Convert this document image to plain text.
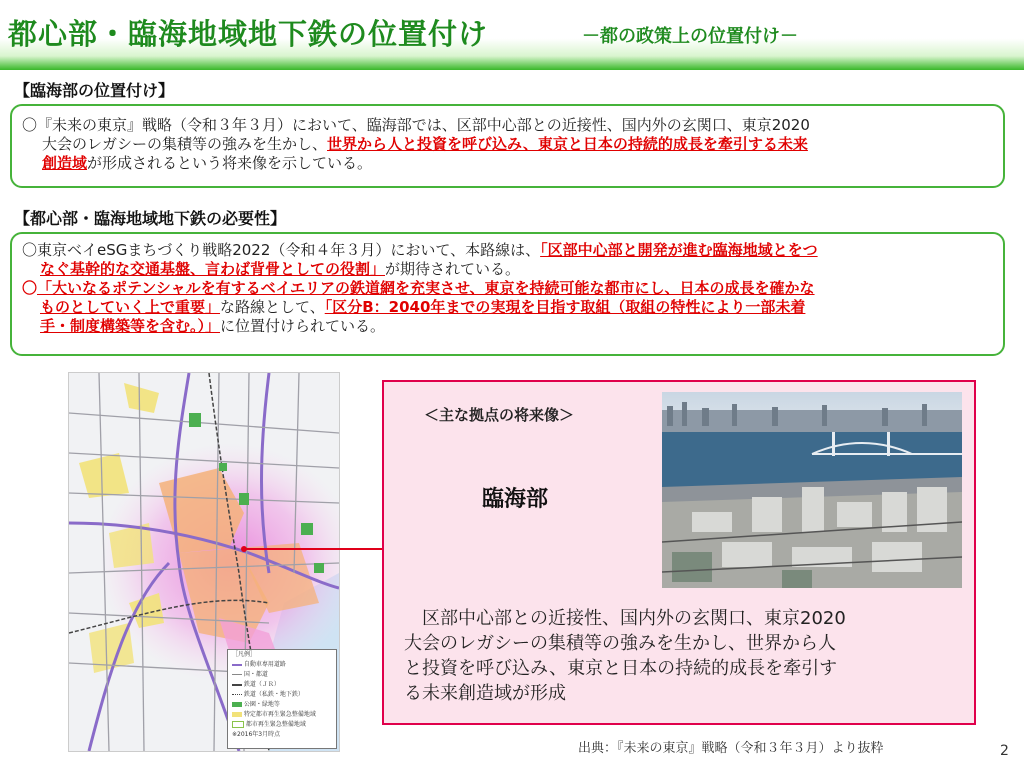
都心部・臨海地域地下鉄の位置付け	－都の政策上の位置付け－
【臨海部の位置付け】
〇『未来の東京』戦略（令和３年３月）において、臨海部では、区部中心部との近接性、国内外の玄関口、東京2020
大会のレガシーの集積等の強みを生かし、世界から人と投資を呼び込み、東京と日本の持続的成長を牽引する未来
創造域が形成されるという将来像を示している。
【都心部・臨海地域地下鉄の必要性】
〇東京ベイeSGまちづくり戦略2022（令和４年３月）において、本路線は、「区部中心部と開発が進む臨海地域とをつ
なぐ基幹的な交通基盤、言わば背骨としての役割」が期待されている。
〇「大いなるポテンシャルを有するベイエリアの鉄道網を充実させ、東京を持続可能な都市にし、日本の成長を確かな
ものとしていく上で重要」な路線として、「区分B：2040年までの実現を目指す取組（取組の特性により一部未着
手・制度構築等を含む。）」に位置付けられている。
［凡例］
自動車専用道路
国・都道
鉄道（ＪＲ）
鉄道（私鉄・地下鉄）
公園・緑地等
特定都市再生緊急整備地域
都市再生緊急整備地域
※2016年3月時点
＜主な拠点の将来像＞
臨海部
　区部中心部との近接性、国内外の玄関口、東京2020
大会のレガシーの集積等の強みを生かし、世界から人
と投資を呼び込み、東京と日本の持続的成長を牽引す
る未来創造域が形成
出典：『未来の東京』戦略（令和３年３月）より抜粋	2
